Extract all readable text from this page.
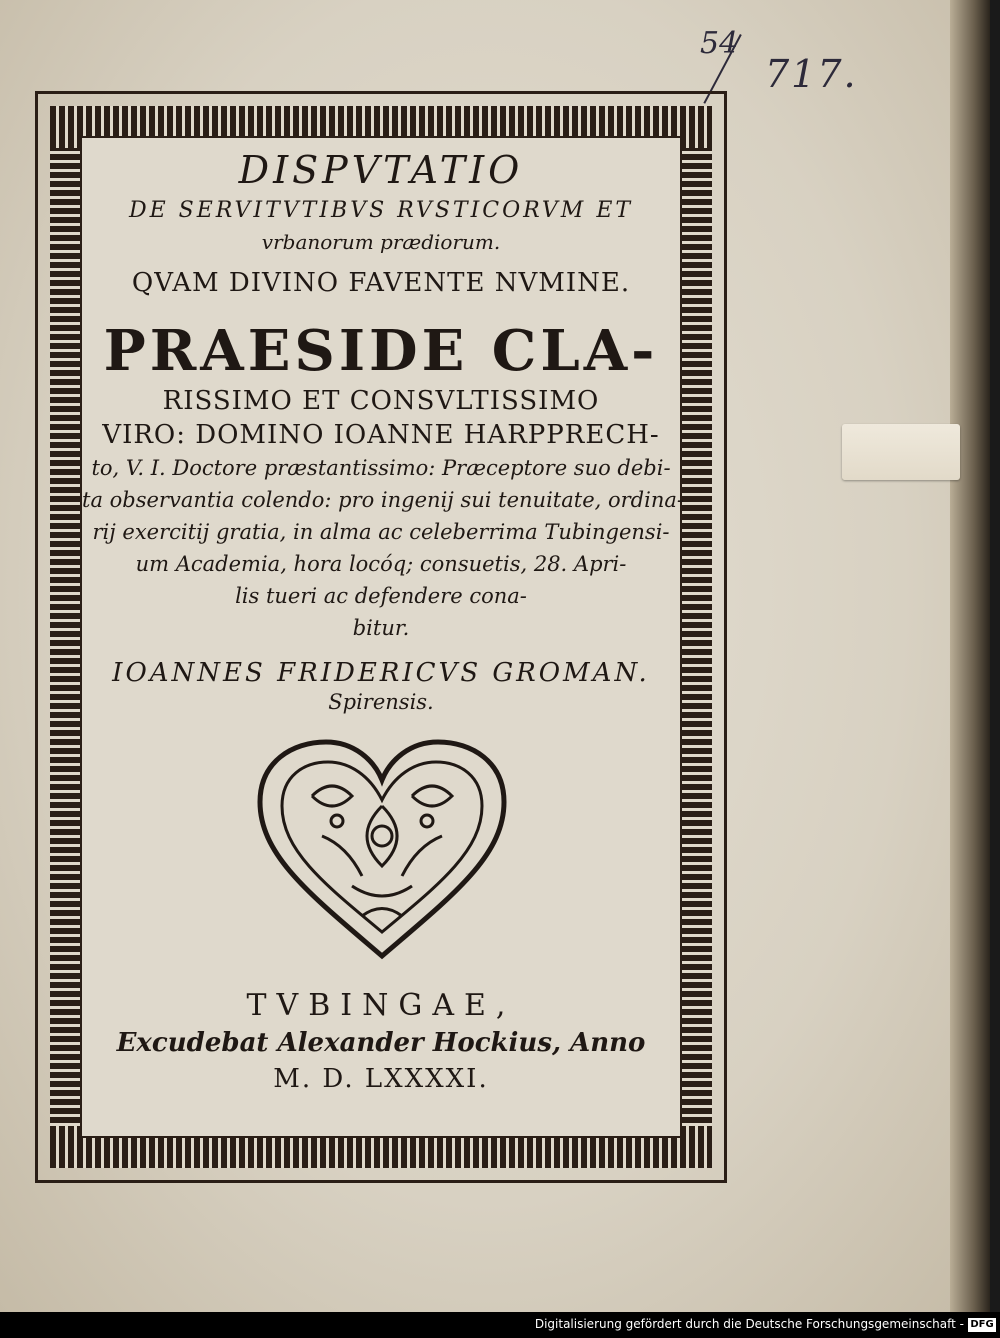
54
717.
DISPVTATIO
DE SERVITVTIBVS RVSTICORVM ET
vrbanorum prædiorum.
QVAM DIVINO FAVENTE NVMINE.
PRAESIDE CLA-
RISSIMO ET CONSVLTISSIMO
VIRO: DOMINO IOANNE HARPPRECH-
to, V. I. Doctore præstantissimo: Præceptore suo debi-
ta observantia colendo: pro ingenij sui tenuitate, ordina-
rij exercitij gratia, in alma ac celeberrima Tubingensi-
um Academia, hora locóq; consuetis, 28. Apri-
lis tueri ac defendere cona-
bitur.
IOANNES FRIDERICVS GROMAN.
Spirensis.
TVBINGAE,
Excudebat Alexander Hockius, Anno
M. D. LXXXXI.
Digitalisierung gefördert durch die Deutsche Forschungsgemeinschaft - DFG
